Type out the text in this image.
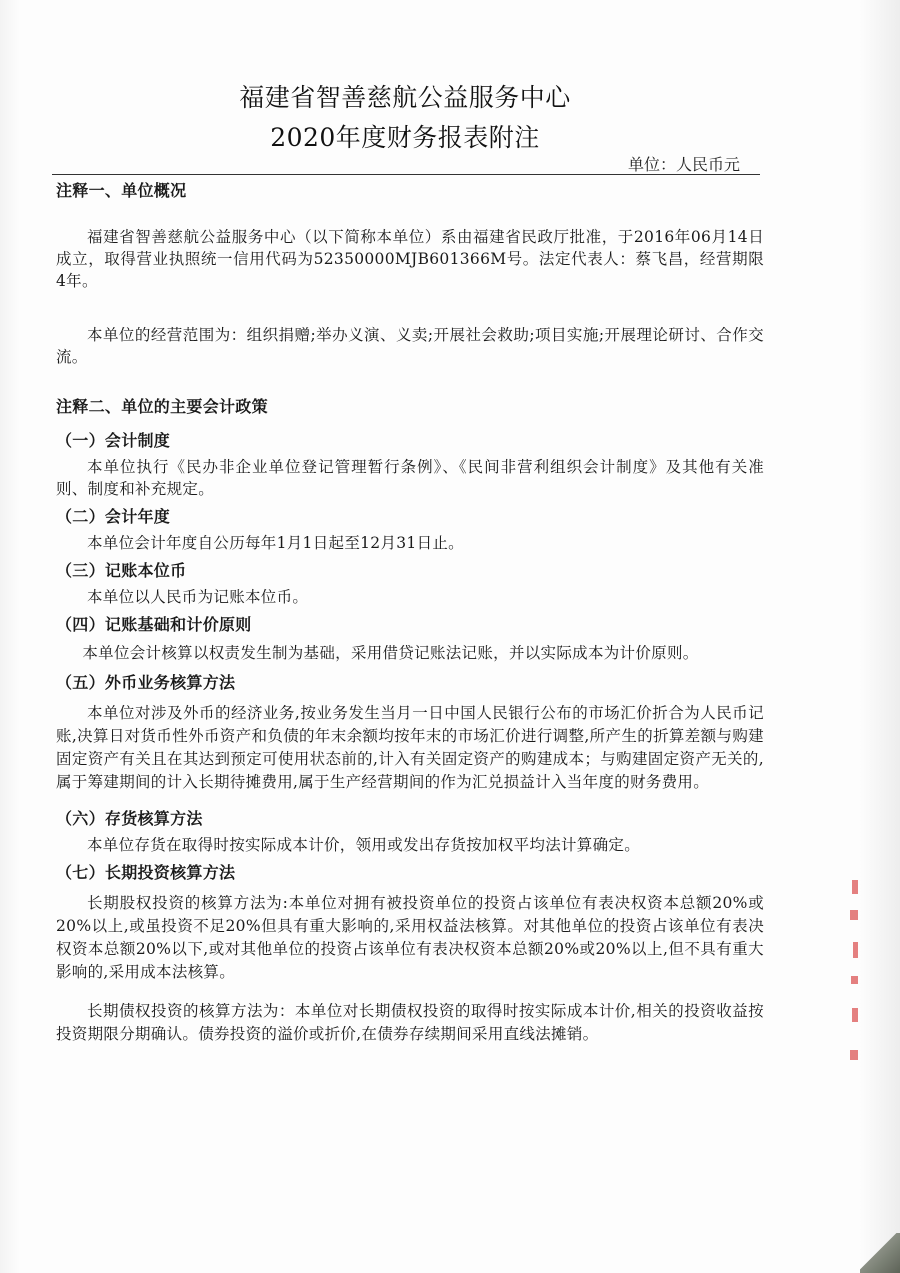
福建省智善慈航公益服务中心
2020年度财务报表附注
单位：人民币元
注释一、单位概况

福建省智善慈航公益服务中心（以下简称本单位）系由福建省民政厅批准，于2016年06月14日成立，取得营业执照统一信用代码为52350000MJB601366M号。法定代表人：蔡飞昌，经营期限4年。

本单位的经营范围为：组织捐赠;举办义演、义卖;开展社会救助;项目实施;开展理论研讨、合作交流。

注释二、单位的主要会计政策
（一）会计制度

本单位执行《民办非企业单位登记管理暂行条例》、《民间非营利组织会计制度》及其他有关准则、制度和补充规定。

（二）会计年度

本单位会计年度自公历每年1月1日起至12月31日止。

（三）记账本位币

本单位以人民币为记账本位币。

（四）记账基础和计价原则

本单位会计核算以权责发生制为基础，采用借贷记账法记账，并以实际成本为计价原则。

（五）外币业务核算方法

本单位对涉及外币的经济业务,按业务发生当月一日中国人民银行公布的市场汇价折合为人民币记账,决算日对货币性外币资产和负债的年末余额均按年末的市场汇价进行调整,所产生的折算差额与购建固定资产有关且在其达到预定可使用状态前的,计入有关固定资产的购建成本；与购建固定资产无关的,属于筹建期间的计入长期待摊费用,属于生产经营期间的作为汇兑损益计入当年度的财务费用。

（六）存货核算方法

本单位存货在取得时按实际成本计价，领用或发出存货按加权平均法计算确定。

（七）长期投资核算方法

长期股权投资的核算方法为:本单位对拥有被投资单位的投资占该单位有表决权资本总额20%或20%以上,或虽投资不足20%但具有重大影响的,采用权益法核算。对其他单位的投资占该单位有表决权资本总额20%以下,或对其他单位的投资占该单位有表决权资本总额20%或20%以上,但不具有重大影响的,采用成本法核算。

长期债权投资的核算方法为：本单位对长期债权投资的取得时按实际成本计价,相关的投资收益按投资期限分期确认。债券投资的溢价或折价,在债券存续期间采用直线法摊销。
